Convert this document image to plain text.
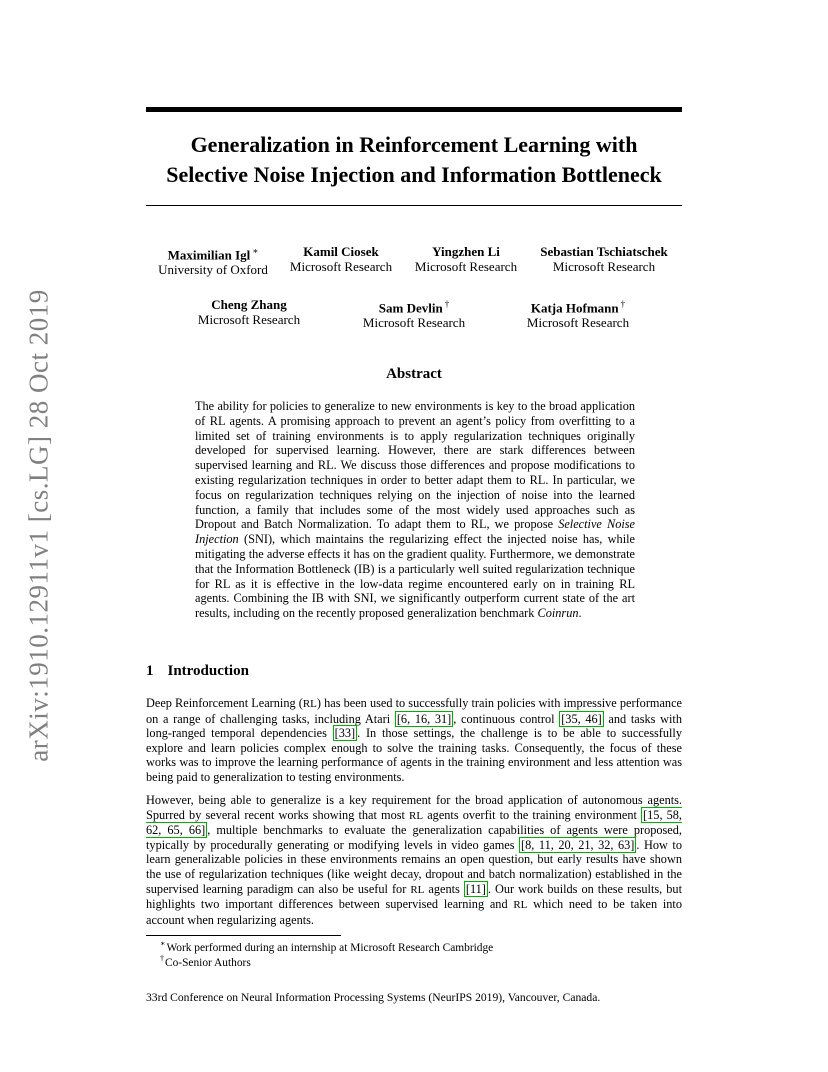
arXiv:1910.12911v1 [cs.LG] 28 Oct 2019
Generalization in Reinforcement Learning with
Selective Noise Injection and Information Bottleneck
Maximilian Igl ∗
University of Oxford
Kamil Ciosek
Microsoft Research
Yingzhen Li
Microsoft Research
Sebastian Tschiatschek
Microsoft Research
Cheng Zhang
Microsoft Research
Sam Devlin †
Microsoft Research
Katja Hofmann †
Microsoft Research
Abstract
The ability for policies to generalize to new environments is key to the broad application of RL agents. A promising approach to prevent an agent’s policy from overfitting to a limited set of training environments is to apply regularization techniques originally developed for supervised learning. However, there are stark differences between supervised learning and RL. We discuss those differences and propose modifications to existing regularization techniques in order to better adapt them to RL. In particular, we focus on regularization techniques relying on the injection of noise into the learned function, a family that includes some of the most widely used approaches such as Dropout and Batch Normalization. To adapt them to RL, we propose Selective Noise Injection (SNI), which maintains the regularizing effect the injected noise has, while mitigating the adverse effects it has on the gradient quality. Furthermore, we demonstrate that the Information Bottleneck (IB) is a particularly well suited regularization technique for RL as it is effective in the low-data regime encountered early on in training RL agents. Combining the IB with SNI, we significantly outperform current state of the art results, including on the recently proposed generalization benchmark Coinrun.
1 Introduction
Deep Reinforcement Learning (RL) has been used to successfully train policies with impressive performance on a range of challenging tasks, including Atari [6, 16, 31] , continuous control [35, 46] and tasks with long-ranged temporal dependencies [33] . In those settings, the challenge is to be able to successfully explore and learn policies complex enough to solve the training tasks. Consequently, the focus of these works was to improve the learning performance of agents in the training environment and less attention was being paid to generalization to testing environments.
However, being able to generalize is a key requirement for the broad application of autonomous agents. Spurred by several recent works showing that most RL agents overfit to the training environment [15, 58, 62, 65, 66] , multiple benchmarks to evaluate the generalization capabilities of agents were proposed, typically by procedurally generating or modifying levels in video games [8, 11, 20, 21, 32, 63] . How to learn generalizable policies in these environments remains an open question, but early results have shown the use of regularization techniques (like weight decay, dropout and batch normalization) established in the supervised learning paradigm can also be useful for RL agents [11] . Our work builds on these results, but highlights two important differences between supervised learning and RL which need to be taken into account when regularizing agents.
∗Work performed during an internship at Microsoft Research Cambridge
†Co-Senior Authors
33rd Conference on Neural Information Processing Systems (NeurIPS 2019), Vancouver, Canada.
